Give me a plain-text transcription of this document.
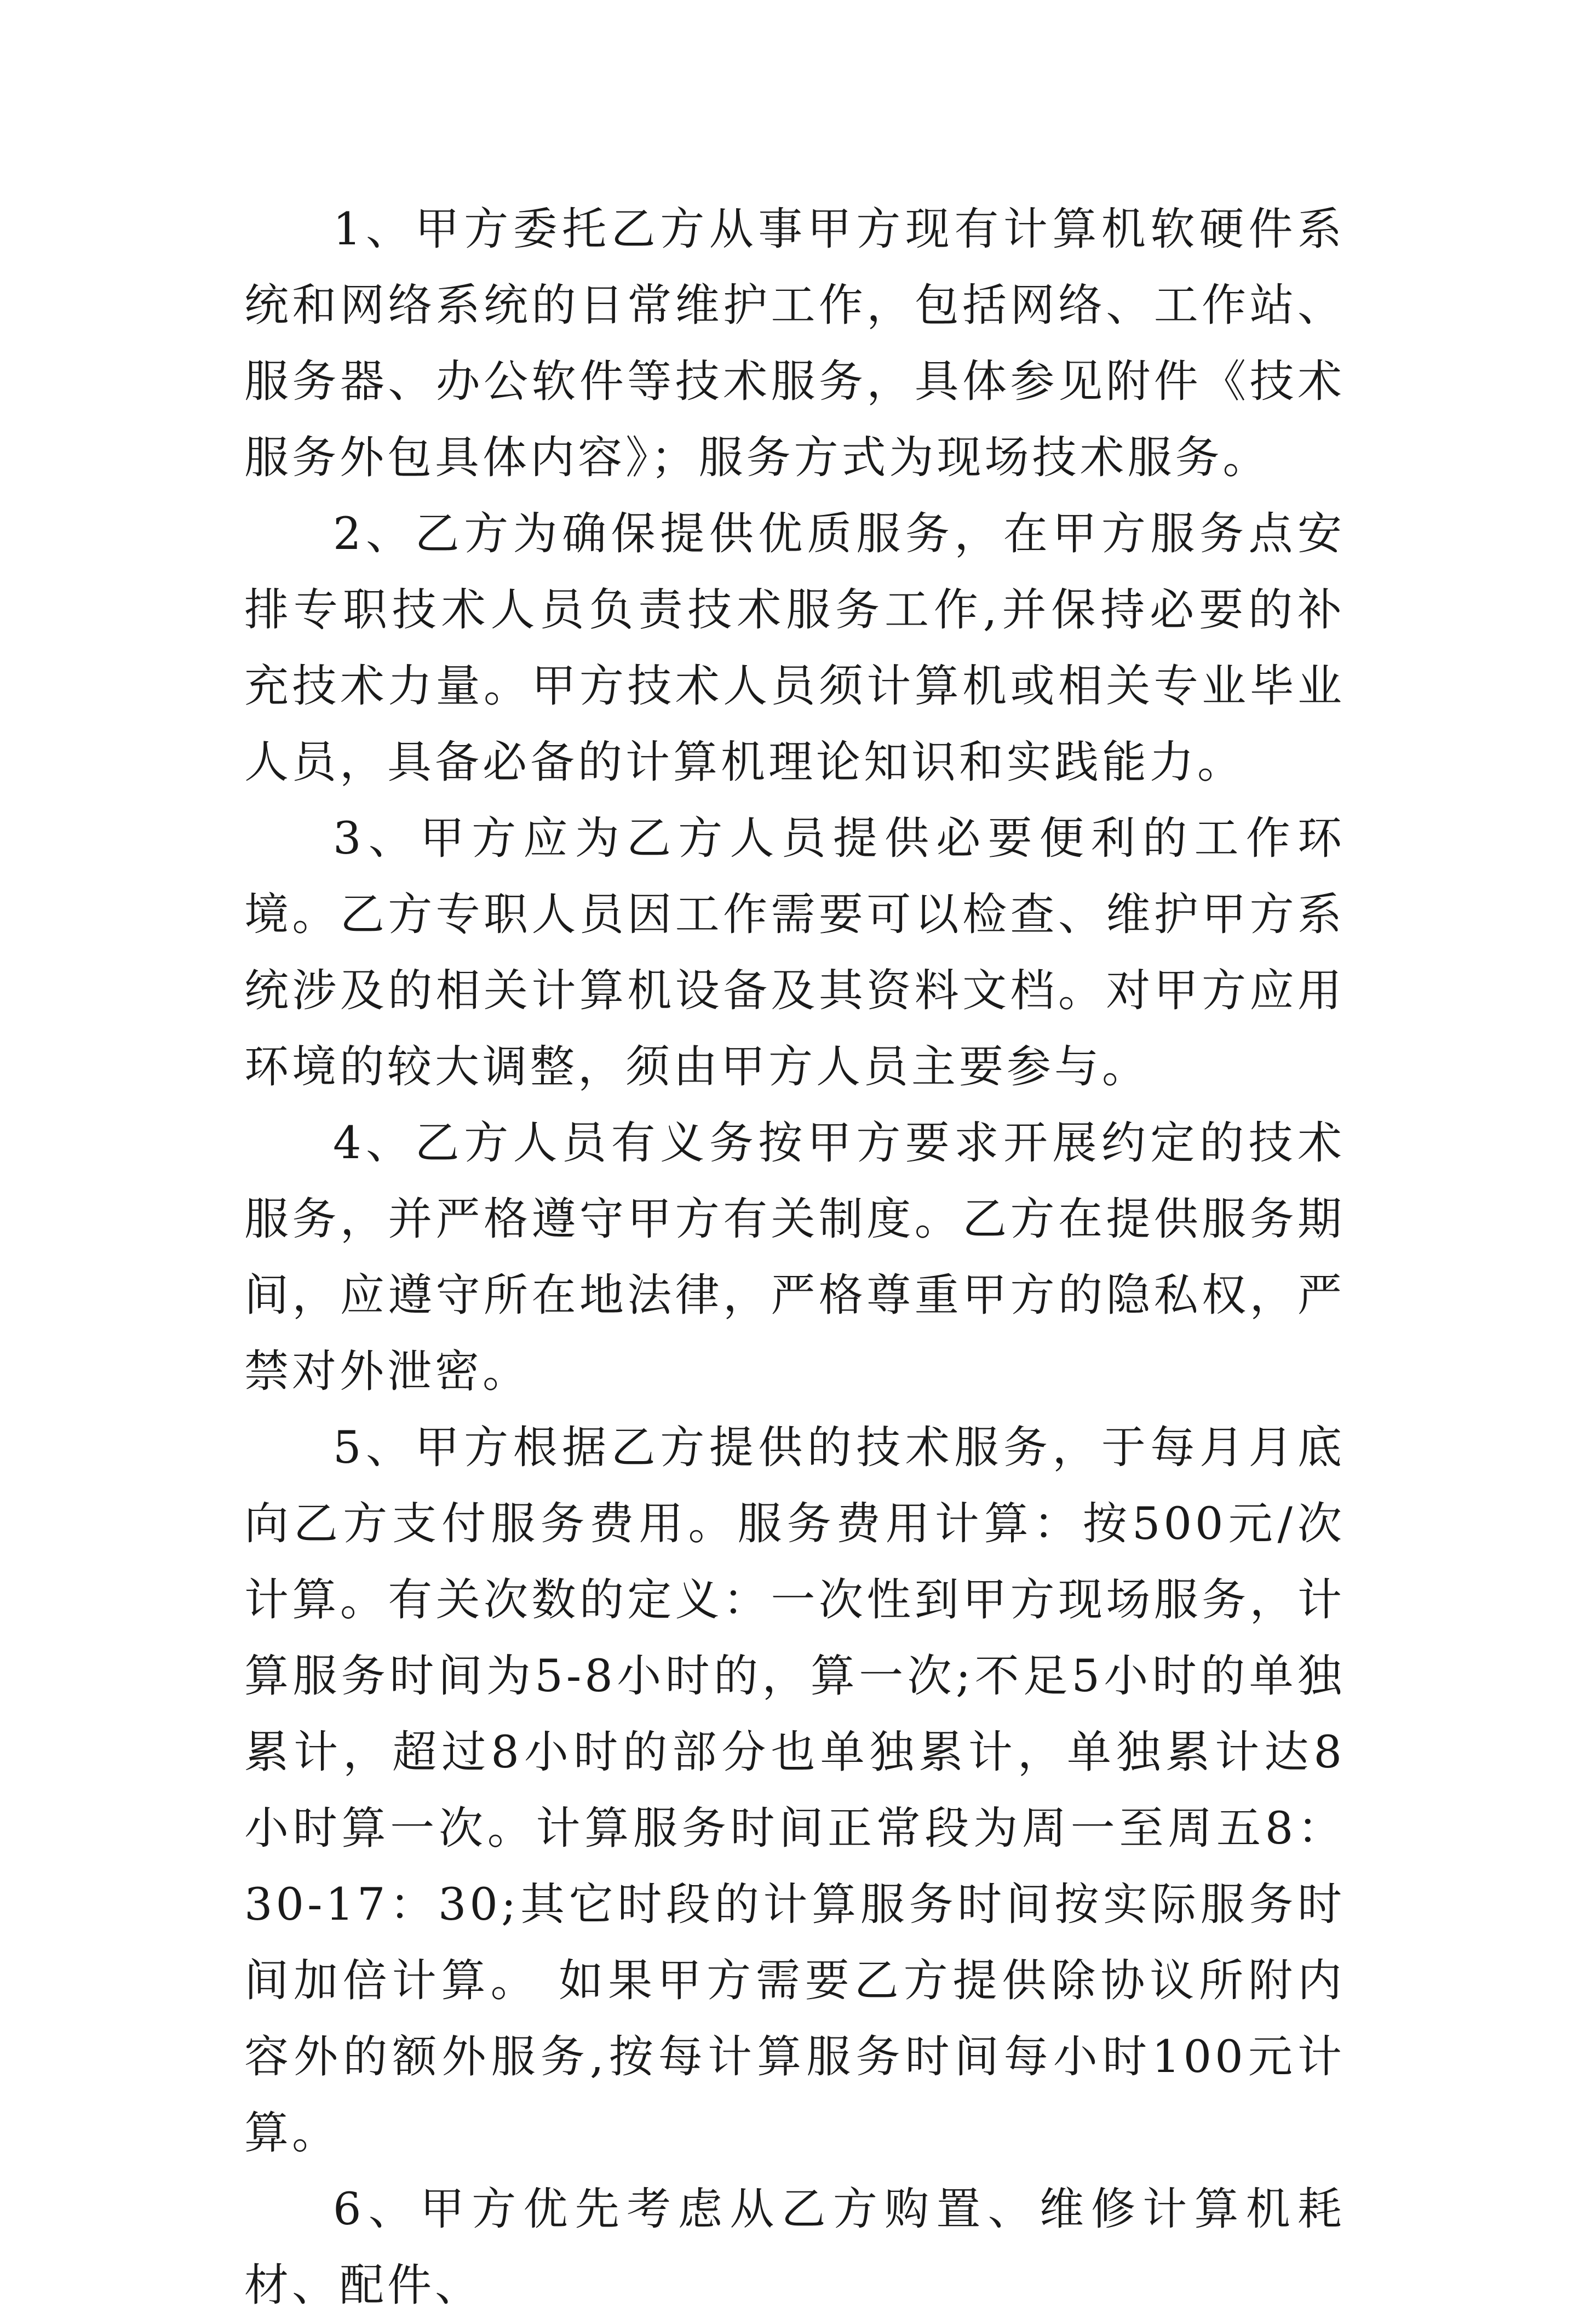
1、甲方委托乙方从事甲方现有计算机软硬件系统和网络系统的日常维护工作，包括网络、工作站、服务器、办公软件等技术服务，具体参见附件《技术服务外包具体内容》；服务方式为现场技术服务。

2、乙方为确保提供优质服务，在甲方服务点安排专职技术人员负责技术服务工作,并保持必要的补充技术力量。甲方技术人员须计算机或相关专业毕业人员，具备必备的计算机理论知识和实践能力。

3、甲方应为乙方人员提供必要便利的工作环境。乙方专职人员因工作需要可以检查、维护甲方系统涉及的相关计算机设备及其资料文档。对甲方应用环境的较大调整，须由甲方人员主要参与。

4、乙方人员有义务按甲方要求开展约定的技术服务，并严格遵守甲方有关制度。乙方在提供服务期间，应遵守所在地法律，严格尊重甲方的隐私权，严禁对外泄密。

5、甲方根据乙方提供的技术服务，于每月月底向乙方支付服务费用。服务费用计算：按500元/次计算。有关次数的定义：一次性到甲方现场服务，计算服务时间为5-8小时的，算一次;不足5小时的单独累计，超过8小时的部分也单独累计，单独累计达8小时算一次。计算服务时间正常段为周一至周五8：30-17：30;其它时段的计算服务时间按实际服务时间加倍计算。 如果甲方需要乙方提供除协议所附内容外的额外服务,按每计算服务时间每小时100元计算。

6、甲方优先考虑从乙方购置、维修计算机耗材、配件、
